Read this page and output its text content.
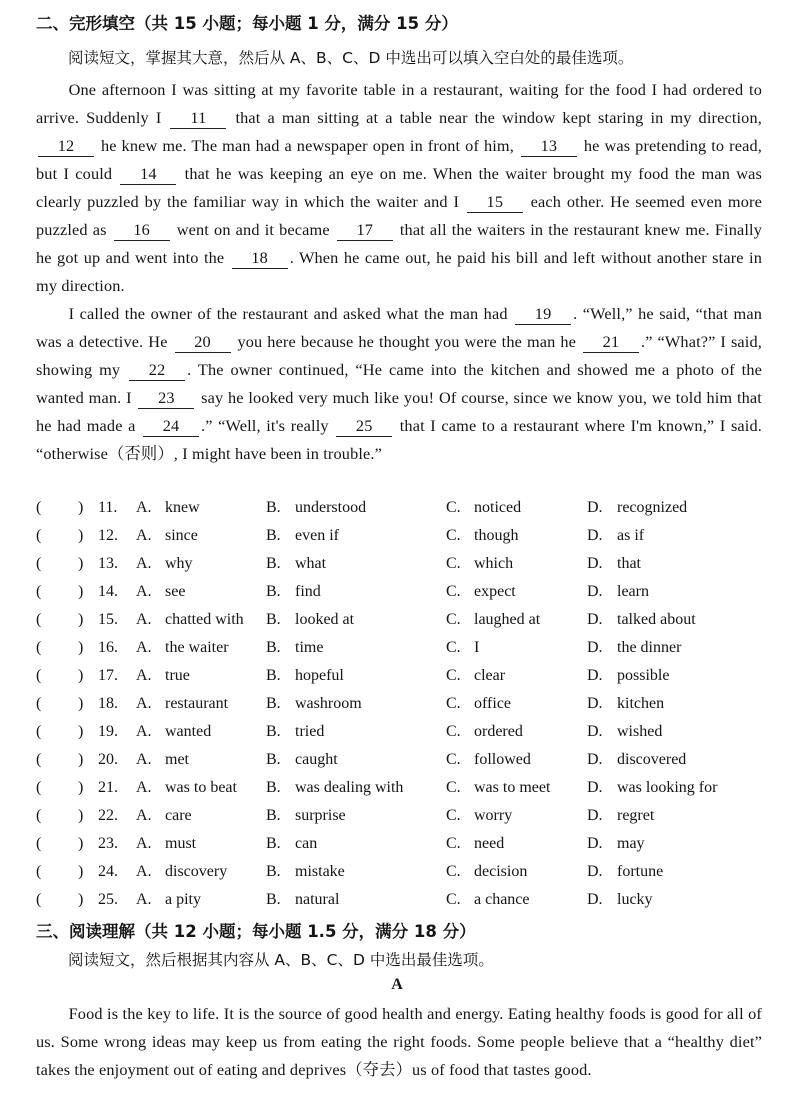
二、完形填空（共 15 小题；每小题 1 分，满分 15 分）
阅读短文，掌握其大意，然后从 A、B、C、D 中选出可以填入空白处的最佳选项。

One afternoon I was sitting at my favorite table in a restaurant, waiting for the food I had ordered to arrive. Suddenly I 11 that a man sitting at a table near the window kept staring in my direction, 12 he knew me. The man had a newspaper open in front of him, 13 he was pretending to read, but I could 14 that he was keeping an eye on me. When the waiter brought my food the man was clearly puzzled by the familiar way in which the waiter and I 15 each other. He seemed even more puzzled as 16 went on and it became 17 that all the waiters in the restaurant knew me. Finally he got up and went into the 18 . When he came out, he paid his bill and left without another stare in my direction.

I called the owner of the restaurant and asked what the man had 19 . “Well,” he said, “that man was a detective. He 20 you here because he thought you were the man he 21 .” “What?” I said, showing my 22 . The owner continued, “He came into the kitchen and showed me a photo of the wanted man. I 23 say he looked very much like you! Of course, since we know you, we told him that he had made a 24 .” “Well, it's really 25 that I came to a restaurant where I'm known,” I said. “otherwise（否则）, I might have been in trouble.”

( ) 11. A. knew	B. understood	C. noticed	D. recognized
( ) 12. A. since	B. even if	C. though	D. as if
( ) 13. A. why	B. what	C. which	D. that
( ) 14. A. see	B. find	C. expect	D. learn
( ) 15. A. chatted with B. looked at	C. laughed at	D. talked about
( ) 16. A. the waiter B. time	C. I	D. the dinner
( ) 17. A. true	B. hopeful	C. clear	D. possible
( ) 18. A. restaurant B. washroom	C. office	D. kitchen
( ) 19. A. wanted	B. tried	C. ordered	D. wished
( ) 20. A. met	B. caught	C. followed	D. discovered
( ) 21. A. was to beat B. was dealing with	C. was to meet D. was looking for
( ) 22. A. care	B. surprise	C. worry	D. regret
( ) 23. A. must	B. can	C. need	D. may
( ) 24. A. discovery B. mistake	C. decision	D. fortune
( ) 25. A. a pity	B. natural	C. a chance	D. lucky
三、阅读理解（共 12 小题；每小题 1.5 分，满分 18 分）
阅读短文，然后根据其内容从 A、B、C、D 中选出最佳选项。
A

Food is the key to life. It is the source of good health and energy. Eating healthy foods is good for all of us. Some wrong ideas may keep us from eating the right foods. Some people believe that a “healthy diet” takes the enjoyment out of eating and deprives（夺去）us of food that tastes good.
